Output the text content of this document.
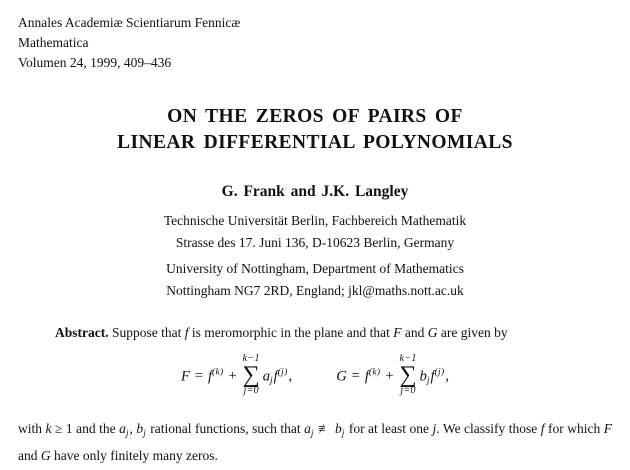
Annales Academiæ Scientiarum Fennicæ
Mathematica
Volumen 24, 1999, 409–436
ON THE ZEROS OF PAIRS OF
LINEAR DIFFERENTIAL POLYNOMIALS
G. Frank and J.K. Langley
Technische Universität Berlin, Fachbereich Mathematik
Strasse des 17. Juni 136, D-10623 Berlin, Germany
University of Nottingham, Department of Mathematics
Nottingham NG7 2RD, England; jkl@maths.nott.ac.uk

Abstract. Suppose that f is meromorphic in the plane and that F and G are given by

$F = f^{(k)}$ +
k−1
∑
j=0
$a_jf^{(j)}$,	$G = f^{(k)}$ +
k−1
∑
j=0
$b_jf^{(j)}$,

with k ≥ 1 and the $a_j$, $b_j$ rational functions, such that $a_j$ ≢ $b_j$ for at least one j. We classify those f for which F and G have only finitely many zeros.
